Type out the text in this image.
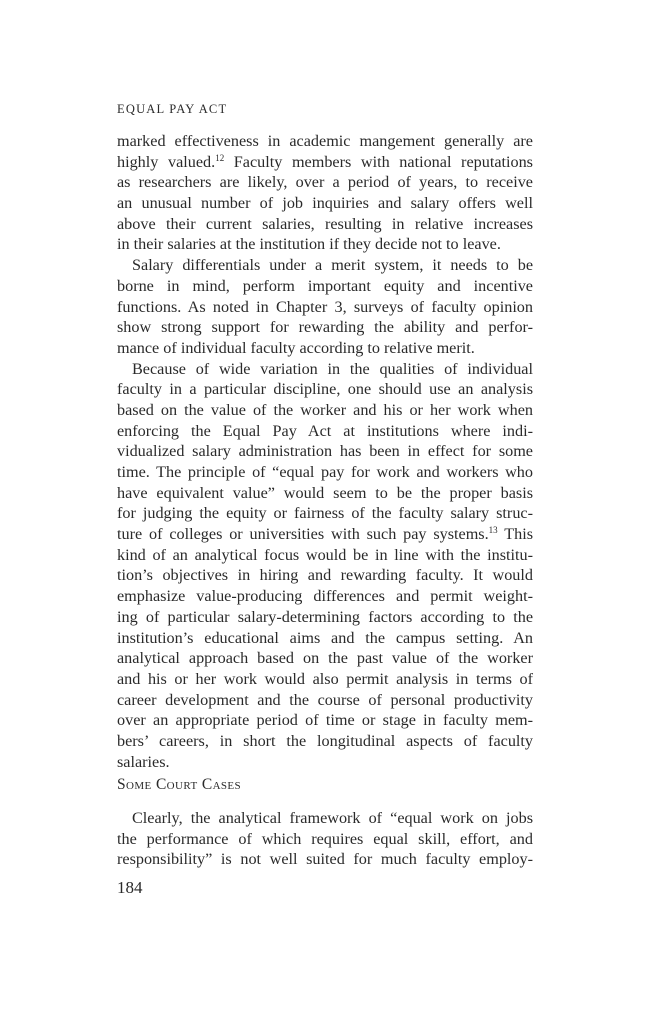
EQUAL PAY ACT
marked effectiveness in academic mangement generally are
highly valued.$^{12}$ Faculty members with national reputations
as researchers are likely, over a period of years, to receive
an unusual number of job inquiries and salary offers well
above their current salaries, resulting in relative increases
in their salaries at the institution if they decide not to leave.
Salary differentials under a merit system, it needs to be
borne in mind, perform important equity and incentive
functions. As noted in Chapter 3, surveys of faculty opinion
show strong support for rewarding the ability and perfor-
mance of individual faculty according to relative merit.
Because of wide variation in the qualities of individual
faculty in a particular discipline, one should use an analysis
based on the value of the worker and his or her work when
enforcing the Equal Pay Act at institutions where indi-
vidualized salary administration has been in effect for some
time. The principle of “equal pay for work and workers who
have equivalent value” would seem to be the proper basis
for judging the equity or fairness of the faculty salary struc-
ture of colleges or universities with such pay systems.$^{13}$ This
kind of an analytical focus would be in line with the institu-
tion’s objectives in hiring and rewarding faculty. It would
emphasize value-producing differences and permit weight-
ing of particular salary-determining factors according to the
institution’s educational aims and the campus setting. An
analytical approach based on the past value of the worker
and his or her work would also permit analysis in terms of
career development and the course of personal productivity
over an appropriate period of time or stage in faculty mem-
bers’ careers, in short the longitudinal aspects of faculty
salaries.
Some Court Cases
Clearly, the analytical framework of “equal work on jobs
the performance of which requires equal skill, effort, and
responsibility” is not well suited for much faculty employ-
184
